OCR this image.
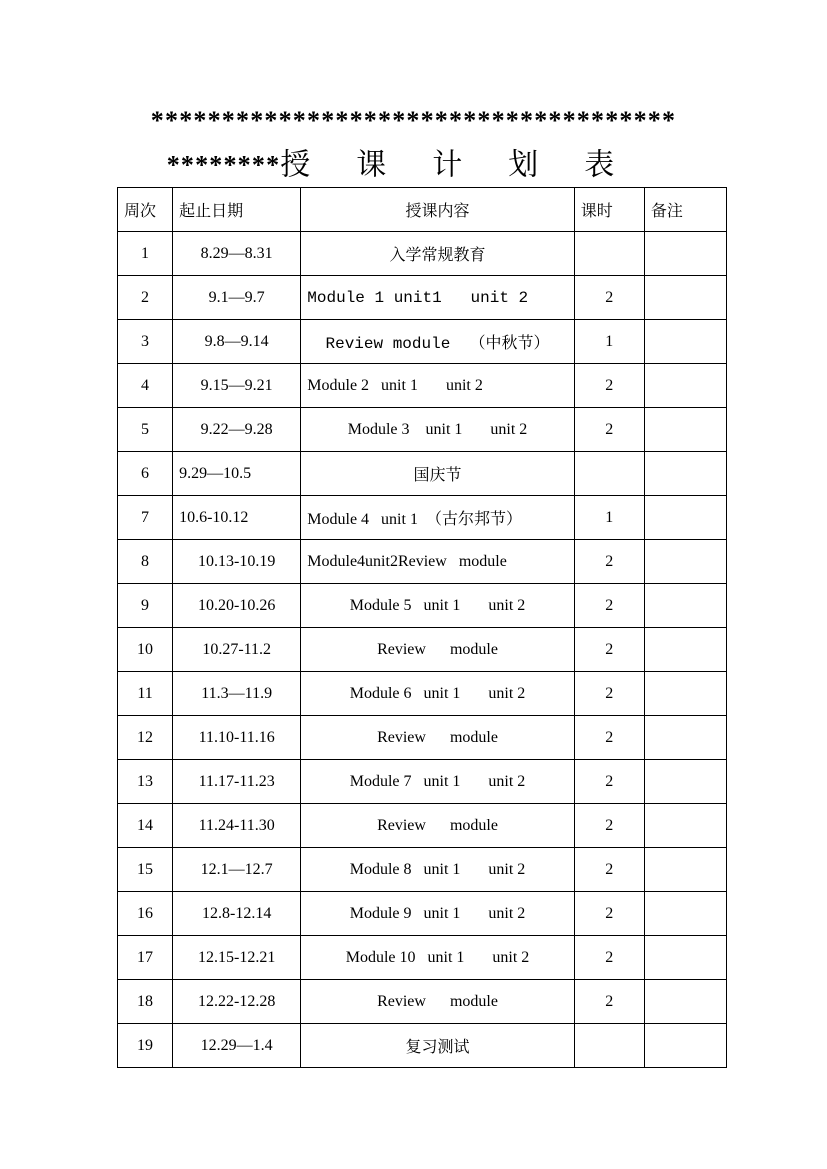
*************************************
********授课计划表
周次	起止日期	授课内容	课时	备注
1	8.29—8.31	入学常规教育		
2	9.1—9.7	Module 1 unit1   unit 2	2	
3	9.8—9.14	Review module  （中秋节）	1	
4	9.15—9.21	Module 2   unit 1       unit 2	2	
5	9.22—9.28	Module 3    unit 1       unit 2	2	
6	9.29—10.5	国庆节		
7	10.6-10.12	Module 4   unit 1  （古尔邦节）	1	
8	10.13-10.19	Module4unit2Review   module	2	
9	10.20-10.26	Module 5   unit 1       unit 2	2	
10	10.27-11.2	Review      module	2	
11	11.3—11.9	Module 6   unit 1       unit 2	2	
12	11.10-11.16	Review      module	2	
13	11.17-11.23	Module 7   unit 1       unit 2	2	
14	11.24-11.30	Review      module	2	
15	12.1—12.7	Module 8   unit 1       unit 2	2	
16	12.8-12.14	Module 9   unit 1       unit 2	2	
17	12.15-12.21	Module 10   unit 1       unit 2	2	
18	12.22-12.28	Review      module	2	
19	12.29—1.4	复习测试		
